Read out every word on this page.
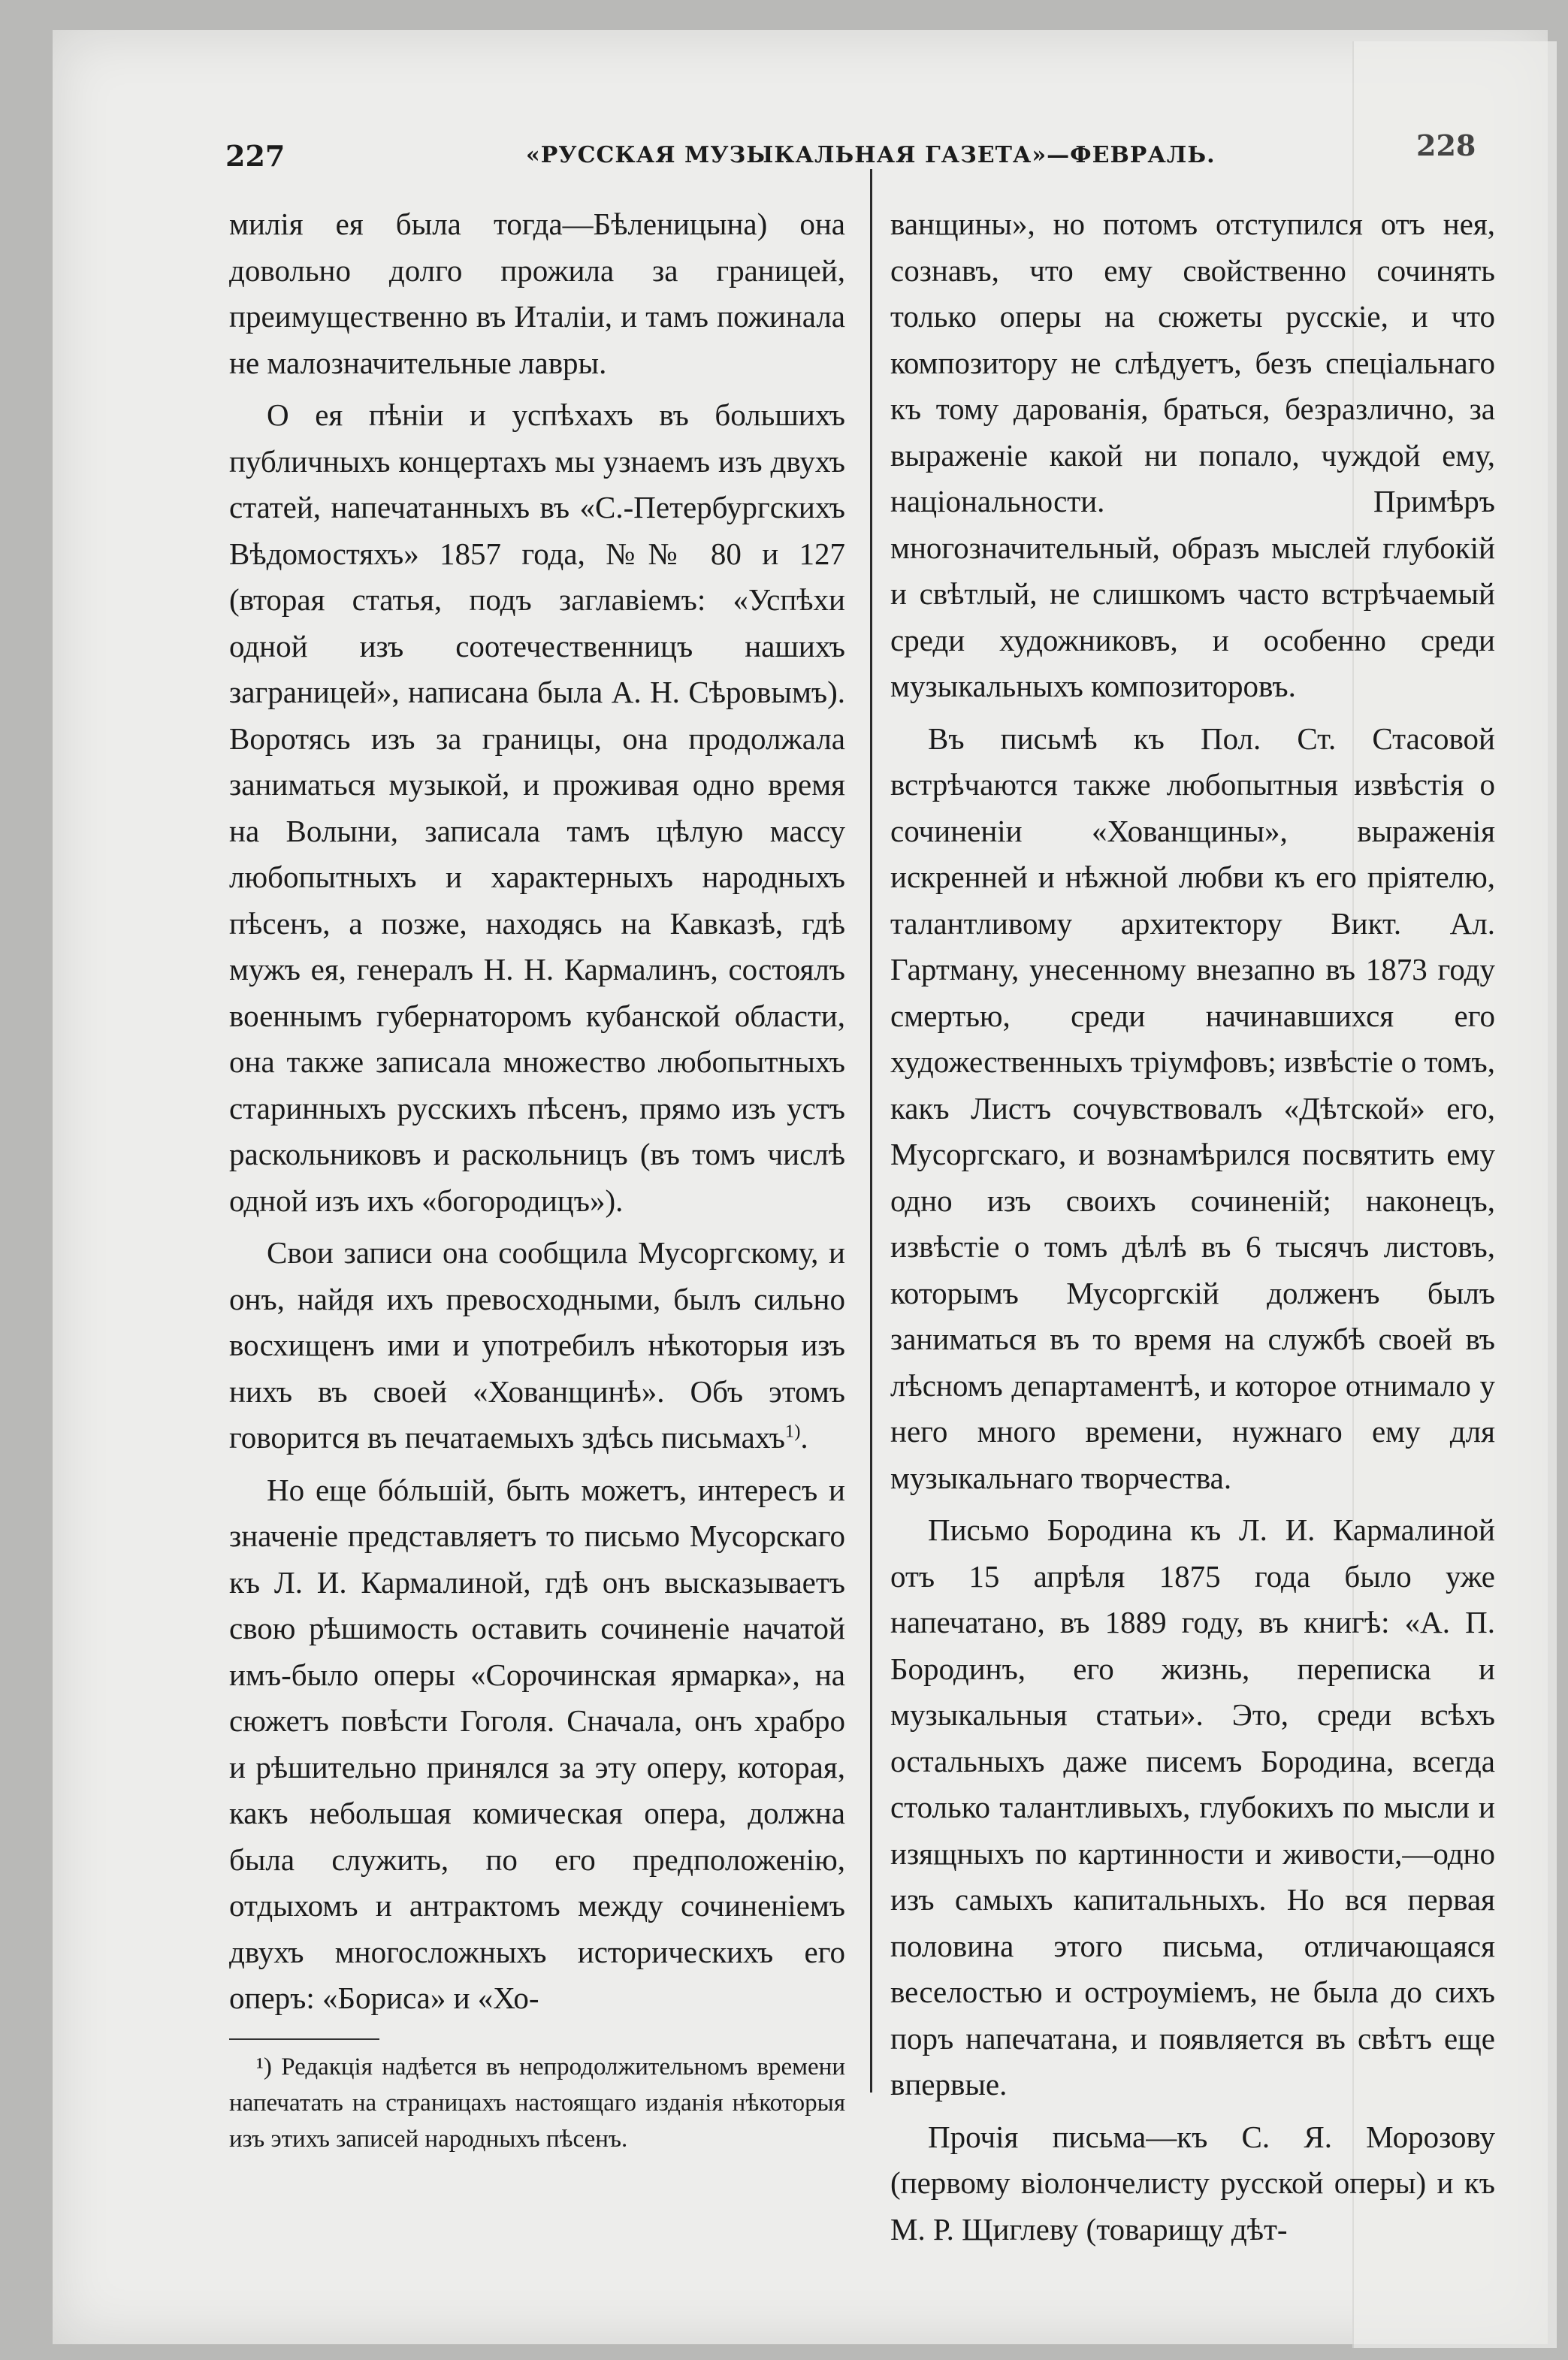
227	«РУССКАЯ МУЗЫКАЛЬНАЯ ГАЗЕТА»—ФЕВРАЛЬ.	228

милія ея была тогда—Бѣленицына) она довольно долго прожила за границей, преимущественно въ Италіи, и тамъ пожинала не малозначительные лавры.

О ея пѣніи и успѣхахъ въ большихъ публичныхъ концертахъ мы узнаемъ изъ двухъ статей, напечатанныхъ въ «С.-Петербургскихъ Вѣдомостяхъ» 1857 года, №№ 80 и 127 (вторая статья, подъ заглавіемъ: «Успѣхи одной изъ соотечественницъ нашихъ заграницей», написана была А. Н. Сѣровымъ). Воротясь изъ за границы, она продолжала заниматься музыкой, и проживая одно время на Волыни, записала тамъ цѣлую массу любопытныхъ и характерныхъ народныхъ пѣсенъ, а позже, находясь на Кавказѣ, гдѣ мужъ ея, генералъ Н. Н. Кармалинъ, состоялъ военнымъ губернаторомъ кубанской области, она также записала множество любопытныхъ старинныхъ русскихъ пѣсенъ, прямо изъ устъ раскольниковъ и раскольницъ (въ томъ числѣ одной изъ ихъ «богородицъ»).

Свои записи она сообщила Мусоргскому, и онъ, найдя ихъ превосходными, былъ сильно восхищенъ ими и употребилъ нѣкоторыя изъ нихъ въ своей «Хованщинѣ». Объ этомъ говорится въ печатаемыхъ здѣсь письмахъ$^{1)}$.

Но еще бóльшій, быть можетъ, интересъ и значеніе представляетъ то письмо Мусорскаго къ Л. И. Кармалиной, гдѣ онъ высказываетъ свою рѣшимость оставить сочиненіе начатой имъ-было оперы «Сорочинская ярмарка», на сюжетъ повѣсти Гоголя. Сначала, онъ храбро и рѣшительно принялся за эту оперу, которая, какъ небольшая комическая опера, должна была служить, по его предположенію, отдыхомъ и антрактомъ между сочиненіемъ двухъ многосложныхъ историческихъ его оперъ: «Бориса» и «Хо-

¹) Редакція надѣется въ непродолжительномъ времени напечатать на страницахъ настоящаго изданія нѣкоторыя изъ этихъ записей народныхъ пѣсенъ.

ванщины», но потомъ отступился отъ нея, сознавъ, что ему свойственно сочинять только оперы на сюжеты русскіе, и что композитору не слѣдуетъ, безъ спеціальнаго къ тому дарованія, браться, безразлично, за выраженіе какой ни попало, чуждой ему, національности. Примѣръ многозначительный, образъ мыслей глубокій и свѣтлый, не слишкомъ часто встрѣчаемый среди художниковъ, и особенно среди музыкальныхъ композиторовъ.

Въ письмѣ къ Пол. Ст. Стасовой встрѣчаются также любопытныя извѣстія о сочиненіи «Хованщины», выраженія искренней и нѣжной любви къ его пріятелю, талантливому архитектору Викт. Ал. Гартману, унесенному внезапно въ 1873 году смертью, среди начинавшихся его художественныхъ тріумфовъ; извѣстіе о томъ, какъ Листъ сочувствовалъ «Дѣтской» его, Мусоргскаго, и вознамѣрился посвятить ему одно изъ своихъ сочиненій; наконецъ, извѣстіе о томъ дѣлѣ въ 6 тысячъ листовъ, которымъ Мусоргскій долженъ былъ заниматься въ то время на службѣ своей въ лѣсномъ департаментѣ, и которое отнимало у него много времени, нужнаго ему для музыкальнаго творчества.

Письмо Бородина къ Л. И. Кармалиной отъ 15 апрѣля 1875 года было уже напечатано, въ 1889 году, въ книгѣ: «А. П. Бородинъ, его жизнь, переписка и музыкальныя статьи». Это, среди всѣхъ остальныхъ даже писемъ Бородина, всегда столько талантливыхъ, глубокихъ по мысли и изящныхъ по картинности и живости,—одно изъ самыхъ капитальныхъ. Но вся первая половина этого письма, отличающаяся веселостью и остроуміемъ, не была до сихъ поръ напечатана, и появляется въ свѣтъ еще впервые.

Прочія письма—къ С. Я. Морозову (первому віолончелисту русской оперы) и къ М. Р. Щиглеву (товарищу дѣт-
